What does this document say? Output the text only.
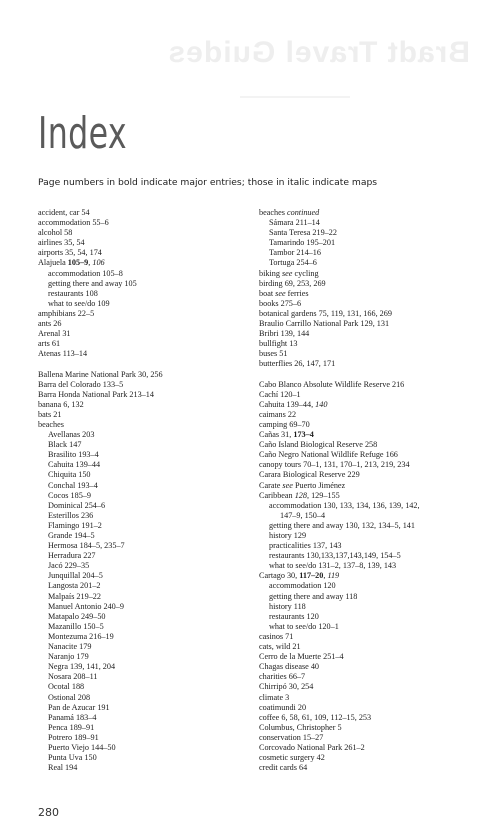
Bradt Travel Guides
Index
Page numbers in bold indicate major entries; those in italic indicate maps
accident, car 54
accommodation 55–6
alcohol 58
airlines 35, 54
airports 35, 54, 174
Alajuela 105–9, 106
accommodation 105–8
getting there and away 105
restaurants 108
what to see/do 109
amphibians 22–5
ants 26
Arenal 31
arts 61
Atenas 113–14
Ballena Marine National Park 30, 256
Barra del Colorado 133–5
Barra Honda National Park 213–14
banana 6, 132
bats 21
beaches
Avellanas 203
Black 147
Brasilito 193–4
Cahuita 139–44
Chiquita 150
Conchal 193–4
Cocos 185–9
Dominical 254–6
Esterillos 236
Flamingo 191–2
Grande 194–5
Hermosa 184–5, 235–7
Herradura 227
Jacó 229–35
Junquillal 204–5
Langosta 201–2
Malpaís 219–22
Manuel Antonio 240–9
Matapalo 249–50
Mazanillo 150–5
Montezuma 216–19
Nanacite 179
Naranjo 179
Negra 139, 141, 204
Nosara 208–11
Ocotal 188
Ostional 208
Pan de Azucar 191
Panamá 183–4
Penca 189–91
Potrero 189–91
Puerto Viejo 144–50
Punta Uva 150
Real 194
beaches continued
Sámara 211–14
Santa Teresa 219–22
Tamarindo 195–201
Tambor 214–16
Tortuga 254–6
biking see cycling
birding 69, 253, 269
boat see ferries
books 275–6
botanical gardens 75, 119, 131, 166, 269
Braulio Carrillo National Park 129, 131
Bribri 139, 144
bullfight 13
buses 51
butterflies 26, 147, 171
Cabo Blanco Absolute Wildlife Reserve 216
Cachí 120–1
Cahuita 139–44, 140
caimans 22
camping 69–70
Cañas 31, 173–4
Caño Island Biological Reserve 258
Caño Negro National Wildlife Refuge 166
canopy tours 70–1, 131, 170–1, 213, 219, 234
Carara Biological Reserve 229
Carate see Puerto Jiménez
Caribbean 128, 129–155
accommodation 130, 133, 134, 136, 139, 142,
147–9, 150–4
getting there and away 130, 132, 134–5, 141
history 129
practicalities 137, 143
restaurants 130,133,137,143,149, 154–5
what to see/do 131–2, 137–8, 139, 143
Cartago 30, 117–20, 119
accommodation 120
getting there and away 118
history 118
restaurants 120
what to see/do 120–1
casinos 71
cats, wild 21
Cerro de la Muerte 251–4
Chagas disease 40
charities 66–7
Chirripó 30, 254
climate 3
coatimundi 20
coffee 6, 58, 61, 109, 112–15, 253
Columbus, Christopher 5
conservation 15–27
Corcovado National Park 261–2
cosmetic surgery 42
credit cards 64
280
